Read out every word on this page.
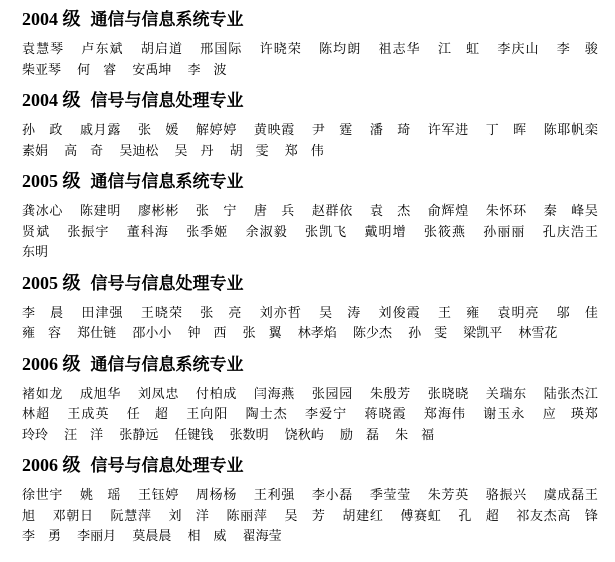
2004 级 通信与信息系统专业
袁慧琴 卢东斌 胡启道 邢国际 许晓荣 陈均朗 祖志华 江　虹 李庆山 李　骏 柴亚琴 何　睿 安禹坤 李　波
2004 级 信号与信息处理专业
孙　政 戚月露 张　媛 解婷婷 黄映霞 尹　霆 潘　琦 许军进 丁　晖 陈耶帆栾 素娟 高　奇 吴迪松 吴　丹 胡　雯 郑　伟
2005 级 通信与信息系统专业
龚冰心 陈建明 廖彬彬 张　宁 唐　兵 赵群依 袁　杰 俞辉煌 朱怀环 秦　峰吴 贤斌 张振宇 董科海 张季姬 余淑毅 张凯飞 戴明增 张筱燕 孙丽丽 孔庆浩王 东明
2005 级 信号与信息处理专业
李　晨 田津强 王晓荣 张　亮 刘亦哲 吴　涛 刘俊霞 王　雍 袁明亮 邬　佳 雍　容 郑仕链 邵小小 钟　西 张　翼 林孝焰 陈少杰 孙　雯 梁凯平 林雪花
2006 级 通信与信息系统专业
褚如龙 成旭华 刘凤忠 付柏成 闫海燕 张园园 朱殷芳 张晓晓 关瑞东 陆张杰江 林超 王成英 任　超 王向阳 陶士杰 李爱宁 蒋晓霞 郑海伟 谢玉永 应　瑛郑 玲玲 汪　洋 张静远 任键钱 张数明 饶秋屿 励　磊 朱　福
2006 级 信号与信息处理专业
徐世宇 姚　瑶 王钰婷 周杨杨 王利强 李小磊 季莹莹 朱芳英 骆振兴 虞成磊王 旭 邓朝日 阮慧萍 刘　洋 陈丽萍 吴　芳 胡建红 傅赛虹 孔　超 祁友杰高　锋 李　勇 李丽月 莫晨晨 相　威 翟海莹
